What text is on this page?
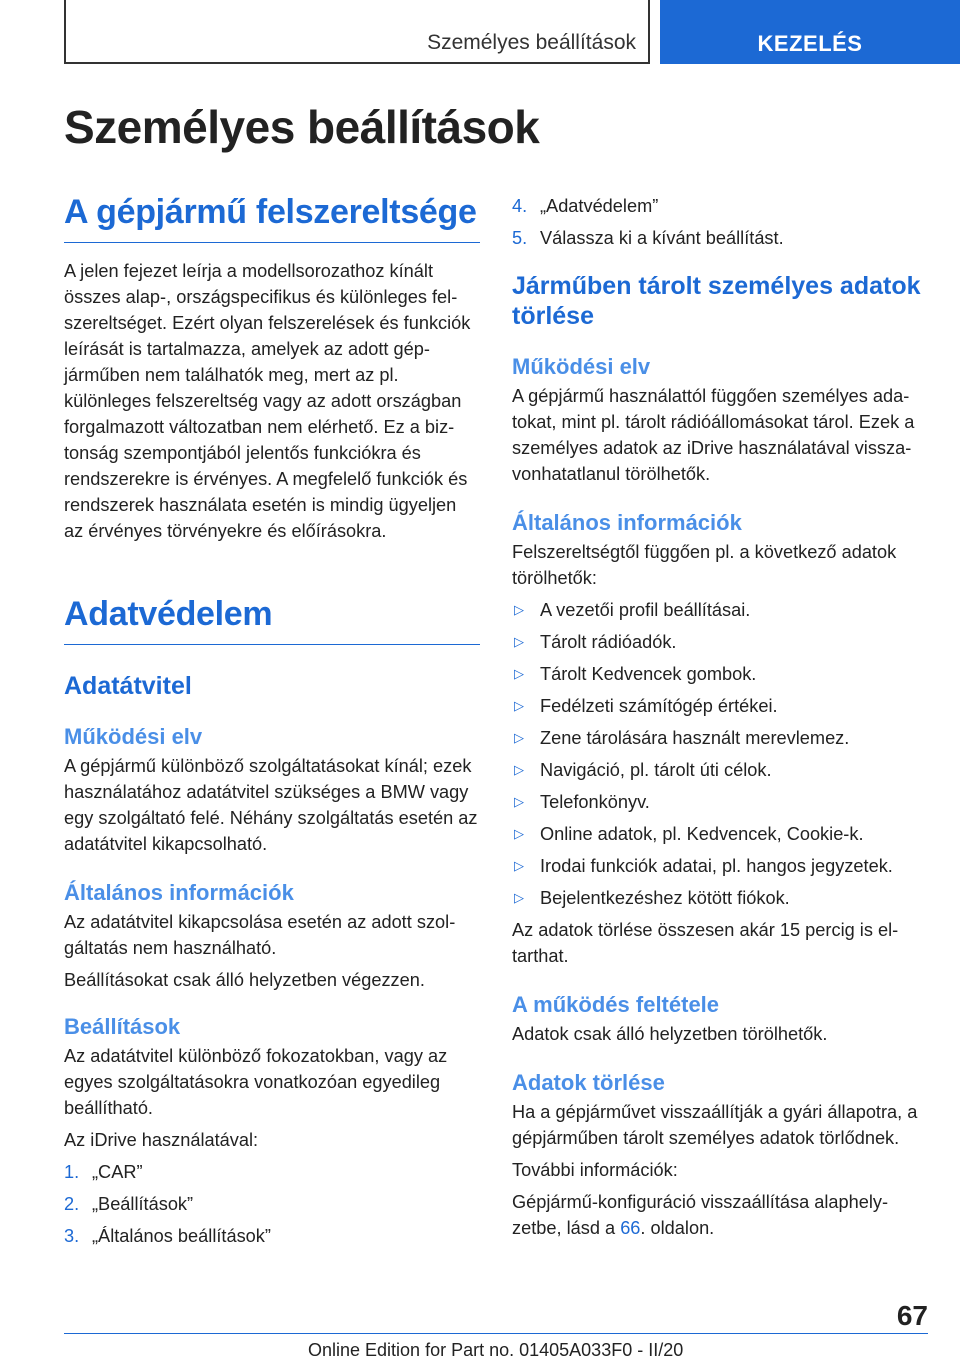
Személyes beállítások	KEZELÉS
Személyes beállítások
A gépjármű felszereltsége

A jelen fejezet leírja a modellsorozathoz kínált összes alap-, országspecifikus és különleges felszereltséget. Ezért olyan felszerelések és funkciók leírását is tartalmazza, amelyek az adott gépjárműben nem találhatók meg, mert az pl. különleges felszereltség vagy az adott országban forgalmazott változatban nem elérhető. Ez a biztonság szempontjából jelentős funkciókra és rendszerekre is érvényes. A megfelelő funkciók és rendszerek használata esetén is mindig ügyeljen az érvényes törvényekre és előírásokra.

Adatvédelem
Adatátvitel
Működési elv

A gépjármű különböző szolgáltatásokat kínál; ezek használatához adatátvitel szükséges a BMW vagy egy szolgáltató felé. Néhány szolgáltatás esetén az adatátvitel kikapcsolható.

Általános információk

Az adatátvitel kikapcsolása esetén az adott szolgáltatás nem használható.

Beállításokat csak álló helyzetben végezzen.

Beállítások

Az adatátvitel különböző fokozatokban, vagy az egyes szolgáltatásokra vonatkozóan egyedileg beállítható.

Az iDrive használatával:

1. „CAR”
2. „Beállítások”
3. „Általános beállítások”
4. „Adatvédelem”
5. Válassza ki a kívánt beállítást.
Járműben tárolt személyes adatok törlése
Működési elv

A gépjármű használattól függően személyes adatokat, mint pl. tárolt rádióállomásokat tárol. Ezek a személyes adatok az iDrive használatával visszavonhatatlanul törölhetők.

Általános információk

Felszereltségtől függően pl. a következő adatok törölhetők:

▷ A vezetői profil beállításai.
▷ Tárolt rádióadók.
▷ Tárolt Kedvencek gombok.
▷ Fedélzeti számítógép értékei.
▷ Zene tárolására használt merevlemez.
▷ Navigáció, pl. tárolt úti célok.
▷ Telefonkönyv.
▷ Online adatok, pl. Kedvencek, Cookie-k.
▷ Irodai funkciók adatai, pl. hangos jegyzetek.
▷ Bejelentkezéshez kötött fiókok.

Az adatok törlése összesen akár 15 percig is eltarthat.

A működés feltétele

Adatok csak álló helyzetben törölhetők.

Adatok törlése

Ha a gépjárművet visszaállítják a gyári állapotra, a gépjárműben tárolt személyes adatok törlődnek.

További információk:

Gépjármű-konfiguráció visszaállítása alaphelyzetbe, lásd a 66. oldalon.

67
Online Edition for Part no. 01405A033F0 - II/20
